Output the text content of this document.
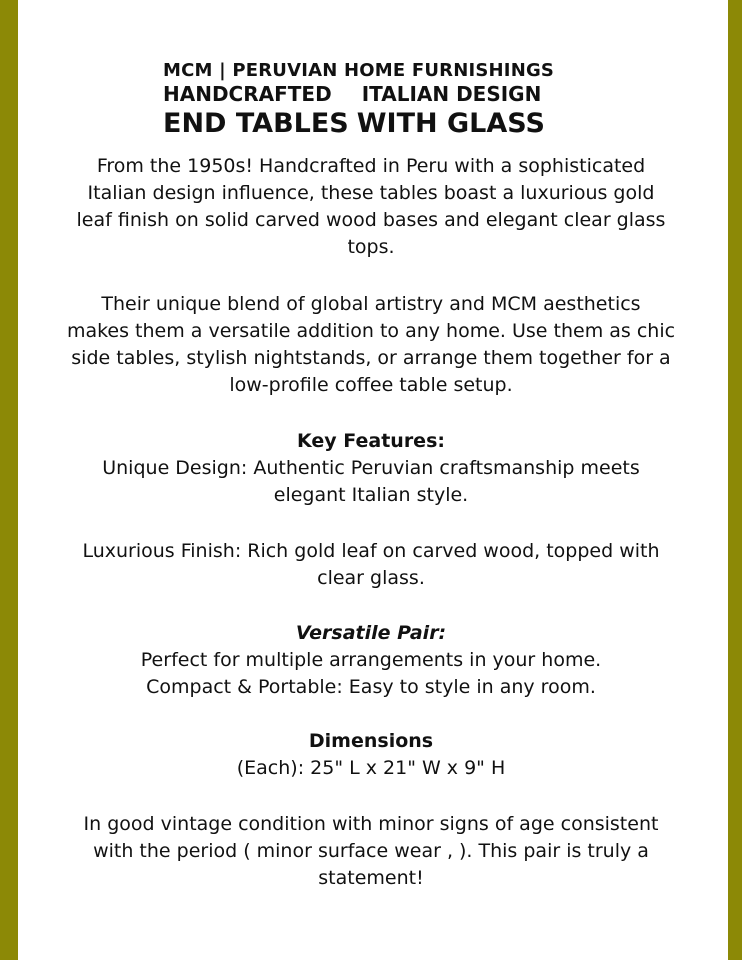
MCM | PERUVIAN HOME FURNISHINGS
HANDCRAFTED ITALIAN DESIGN
END TABLES WITH GLASS

From the 1950s! Handcrafted in Peru with a sophisticated

Italian design influence, these tables boast a luxurious gold

leaf finish on solid carved wood bases and elegant clear glass

tops.

Their unique blend of global artistry and MCM aesthetics

makes them a versatile addition to any home. Use them as chic

side tables, stylish nightstands, or arrange them together for a

low-profile coffee table setup.

Key Features:

Unique Design: Authentic Peruvian craftsmanship meets

elegant Italian style.

Luxurious Finish: Rich gold leaf on carved wood, topped with

clear glass.

Versatile Pair:

Perfect for multiple arrangements in your home.

Compact & Portable: Easy to style in any room.

Dimensions

(Each): 25" L x 21" W x 9" H

In good vintage condition with minor signs of age consistent

with the period ( minor surface wear , ). This pair is truly a

statement!
